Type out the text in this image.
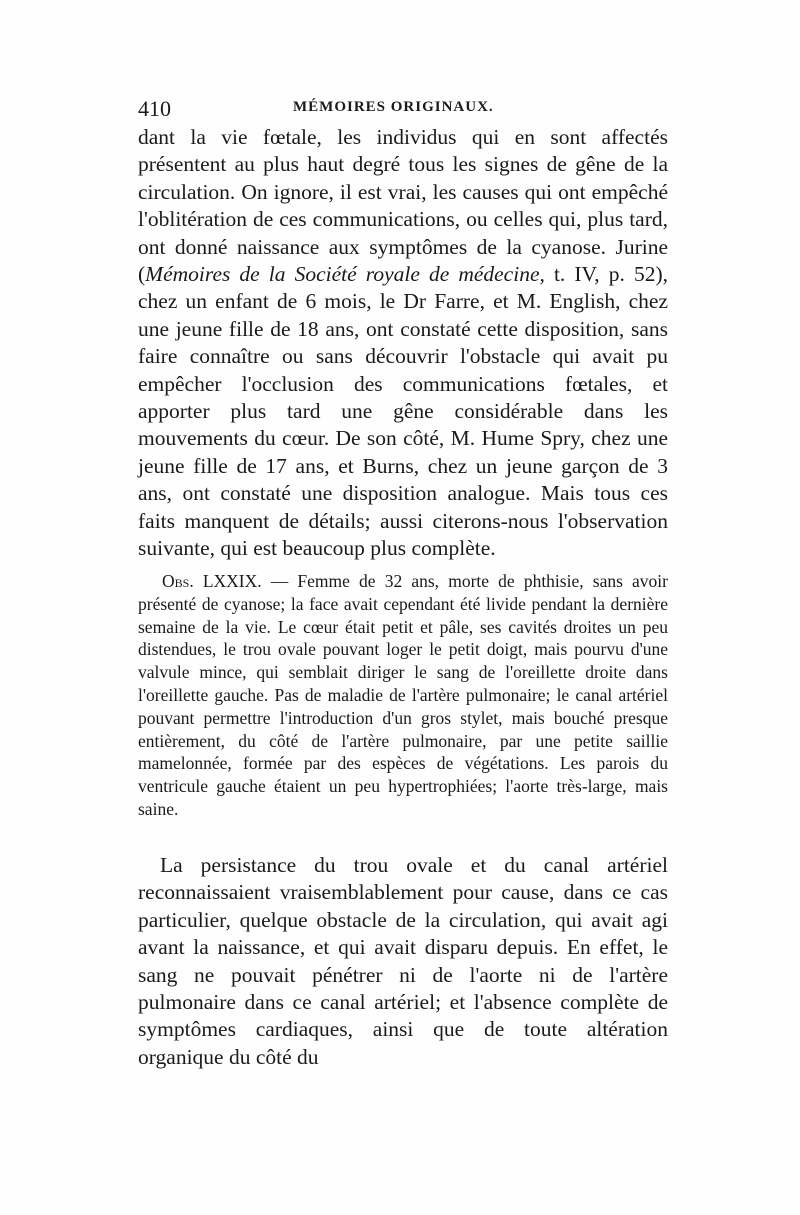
410	MÉMOIRES ORIGINAUX.

dant la vie fœtale, les individus qui en sont affectés présentent au plus haut degré tous les signes de gêne de la circulation. On ignore, il est vrai, les causes qui ont empêché l'oblitération de ces communications, ou celles qui, plus tard, ont donné naissance aux symptômes de la cyanose. Jurine (Mémoires de la Société royale de médecine, t. IV, p. 52), chez un enfant de 6 mois, le Dr Farre, et M. English, chez une jeune fille de 18 ans, ont constaté cette disposition, sans faire connaître ou sans découvrir l'obstacle qui avait pu empêcher l'occlusion des communications fœtales, et apporter plus tard une gêne considérable dans les mouvements du cœur. De son côté, M. Hume Spry, chez une jeune fille de 17 ans, et Burns, chez un jeune garçon de 3 ans, ont constaté une disposition analogue. Mais tous ces faits manquent de détails; aussi citerons-nous l'observation suivante, qui est beaucoup plus complète.

Obs. LXXIX. — Femme de 32 ans, morte de phthisie, sans avoir présenté de cyanose; la face avait cependant été livide pendant la dernière semaine de la vie. Le cœur était petit et pâle, ses cavités droites un peu distendues, le trou ovale pouvant loger le petit doigt, mais pourvu d'une valvule mince, qui semblait diriger le sang de l'oreillette droite dans l'oreillette gauche. Pas de maladie de l'artère pulmonaire; le canal artériel pouvant permettre l'introduction d'un gros stylet, mais bouché presque entièrement, du côté de l'artère pulmonaire, par une petite saillie mamelonnée, formée par des espèces de végétations. Les parois du ventricule gauche étaient un peu hypertrophiées; l'aorte très-large, mais saine.

La persistance du trou ovale et du canal artériel reconnaissaient vraisemblablement pour cause, dans ce cas particulier, quelque obstacle de la circulation, qui avait agi avant la naissance, et qui avait disparu depuis. En effet, le sang ne pouvait pénétrer ni de l'aorte ni de l'artère pulmonaire dans ce canal artériel; et l'absence complète de symptômes cardiaques, ainsi que de toute altération organique du côté du
